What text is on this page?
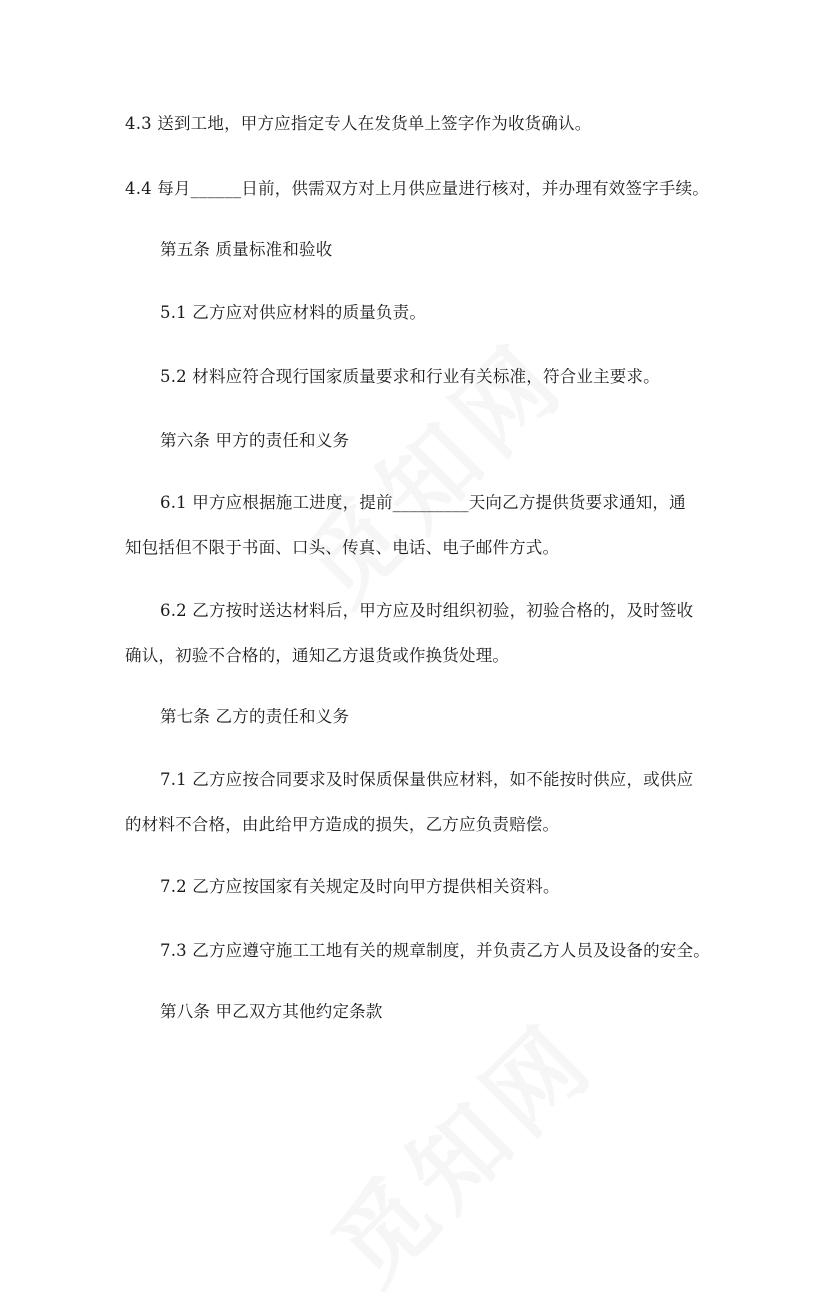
4.3 送到工地，甲方应指定专人在发货单上签字作为收货确认。
4.4 每月______日前，供需双方对上月供应量进行核对，并办理有效签字手续。
第五条 质量标准和验收
5.1 乙方应对供应材料的质量负责。
5.2 材料应符合现行国家质量要求和行业有关标准，符合业主要求。
第六条 甲方的责任和义务
6.1 甲方应根据施工进度，提前_________天向乙方提供货要求通知，通
知包括但不限于书面、口头、传真、电话、电子邮件方式。
6.2 乙方按时送达材料后，甲方应及时组织初验，初验合格的，及时签收
确认，初验不合格的，通知乙方退货或作换货处理。
第七条 乙方的责任和义务
7.1 乙方应按合同要求及时保质保量供应材料，如不能按时供应，或供应
的材料不合格，由此给甲方造成的损失，乙方应负责赔偿。
7.2 乙方应按国家有关规定及时向甲方提供相关资料。
7.3 乙方应遵守施工工地有关的规章制度，并负责乙方人员及设备的安全。
第八条 甲乙双方其他约定条款
